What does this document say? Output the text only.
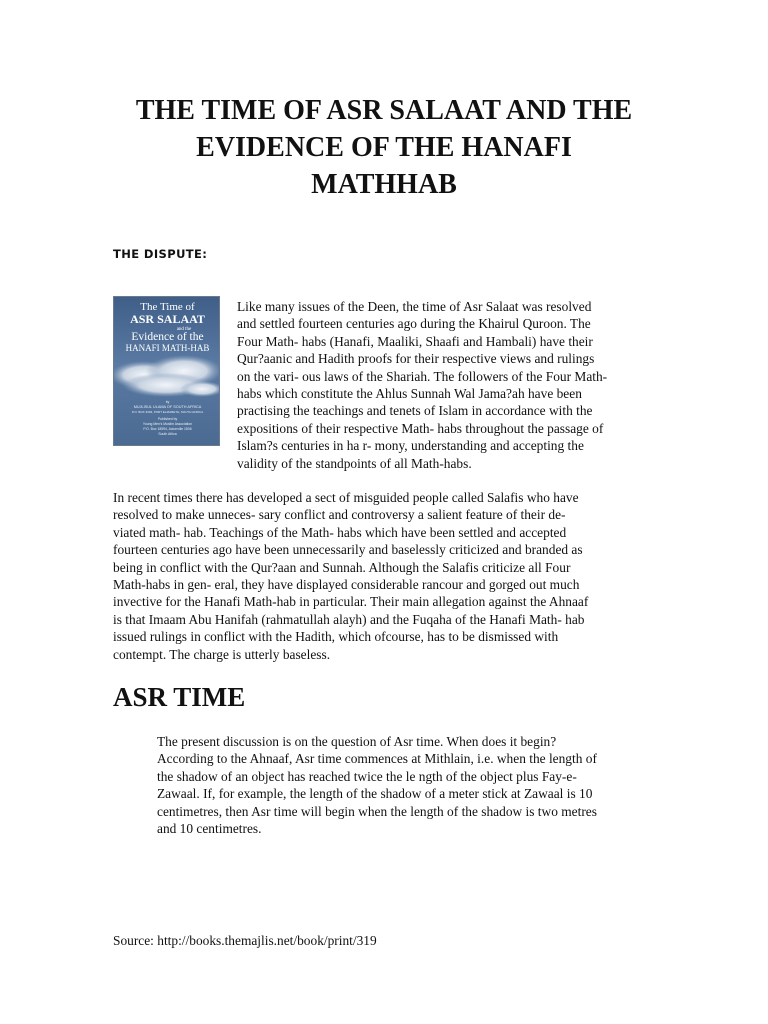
THE TIME OF ASR SALAAT AND THE
EVIDENCE OF THE HANAFI
MATHHAB
THE DISPUTE:
The Time of
ASR SALAAT
and the
Evidence of the
HANAFI MATH-HAB
by
MUJLISUL ULAMA OF SOUTH AFRICA
P.O. BOX 3393, PORT ELIZABETH, SOUTH AFRICA
Published by
Young Men's Muslim Association
P.O. Box 18594, Actonville 1506
South Africa

Like many issues of the Deen, the time of Asr Salaat was resolved
and settled fourteen centuries ago during the Khairul Quroon. The
Four Math- habs (Hanafi, Maaliki, Shaafi and Hambali) have their
Qur?aanic and Hadith proofs for their respective views and rulings
on the vari- ous laws of the Shariah. The followers of the Four Math-
habs which constitute the Ahlus Sunnah Wal Jama?ah have been
practising the teachings and tenets of Islam in accordance with the
expositions of their respective Math- habs throughout the passage of
Islam?s centuries in ha r- mony, understanding and accepting the
validity of the standpoints of all Math-habs.

In recent times there has developed a sect of misguided people called Salafis who have
resolved to make unneces- sary conflict and controversy a salient feature of their de-
viated math- hab. Teachings of the Math- habs which have been settled and accepted
fourteen centuries ago have been unnecessarily and baselessly criticized and branded as
being in conflict with the Qur?aan and Sunnah. Although the Salafis criticize all Four
Math-habs in gen- eral, they have displayed considerable rancour and gorged out much
invective for the Hanafi Math-hab in particular. Their main allegation against the Ahnaaf
is that Imaam Abu Hanifah (rahmatullah alayh) and the Fuqaha of the Hanafi Math- hab
issued rulings in conflict with the Hadith, which ofcourse, has to be dismissed with
contempt. The charge is utterly baseless.

ASR TIME

The present discussion is on the question of Asr time. When does it begin?
According to the Ahnaaf, Asr time commences at Mithlain, i.e. when the length of
the shadow of an object has reached twice the le ngth of the object plus Fay-e-
Zawaal. If, for example, the length of the shadow of a meter stick at Zawaal is 10
centimetres, then Asr time will begin when the length of the shadow is two metres
and 10 centimetres.

Source: http://books.themajlis.net/book/print/319
